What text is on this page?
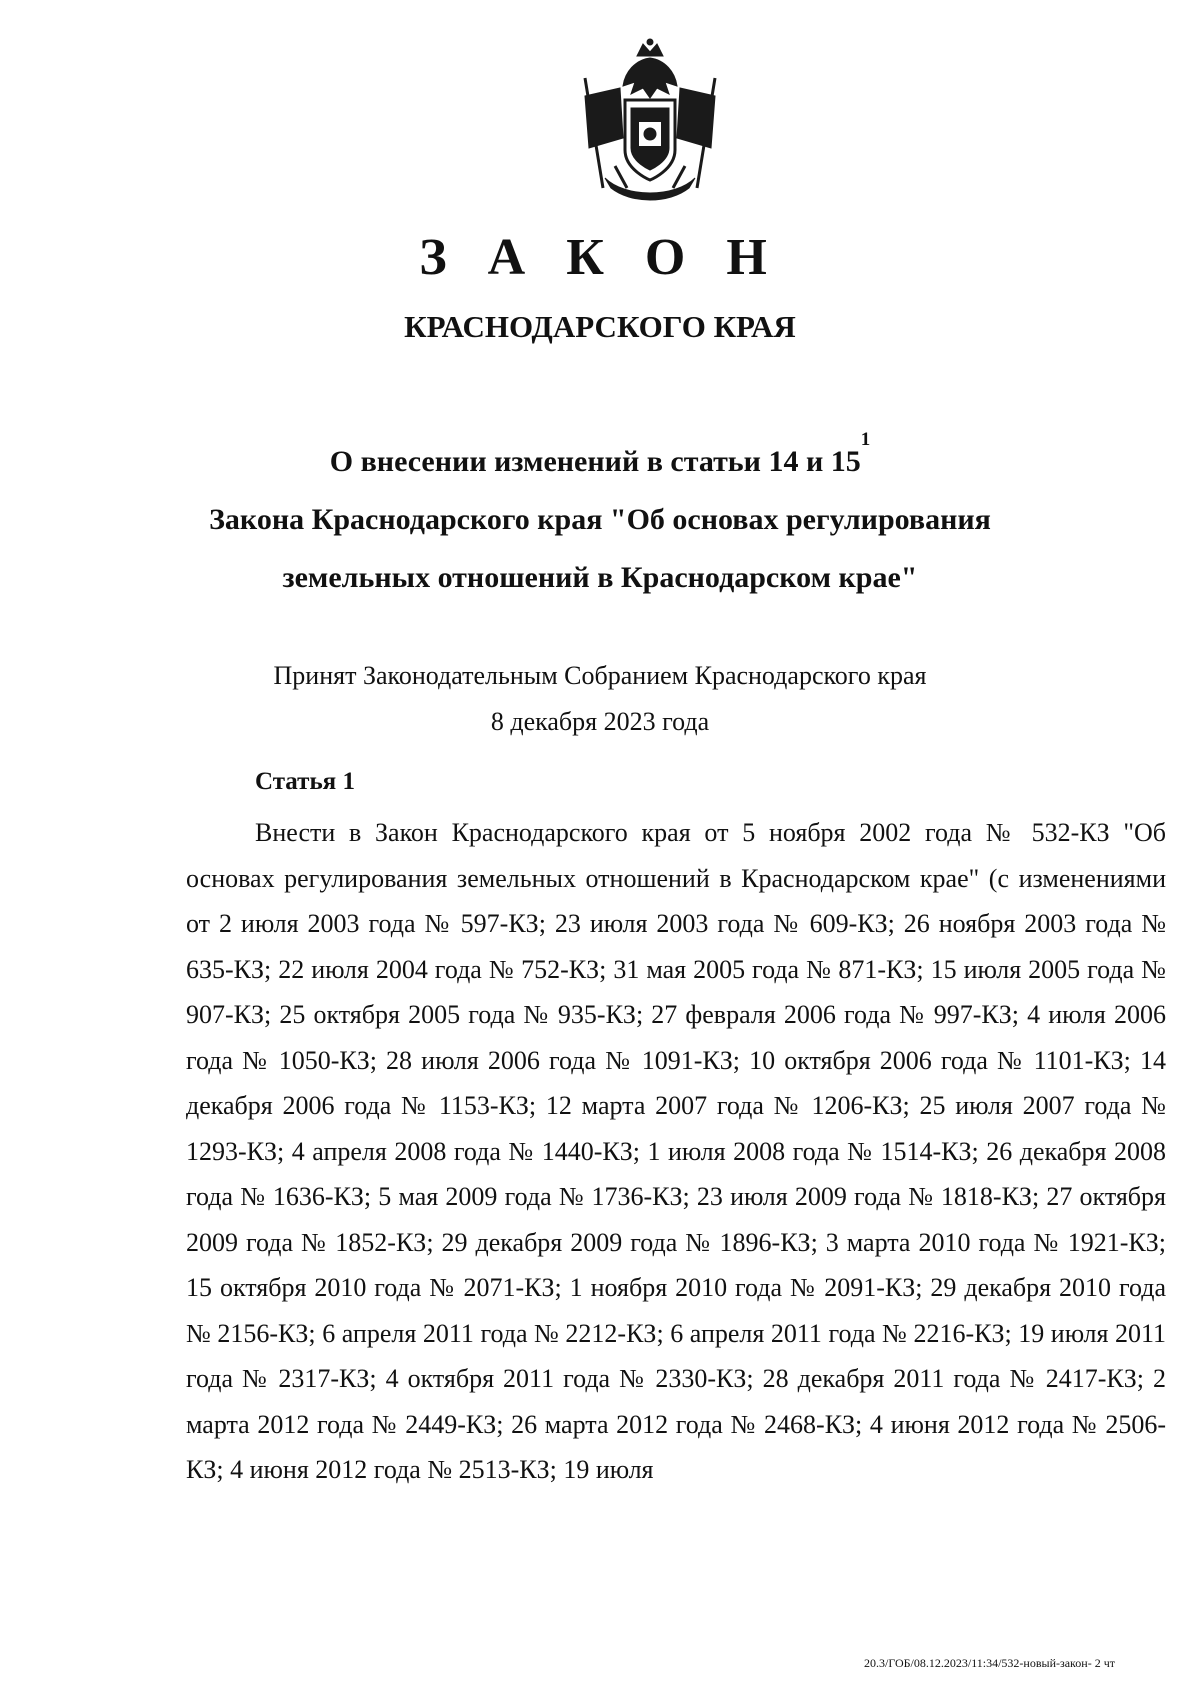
З А К О Н
КРАСНОДАРСКОГО КРАЯ
О внесении изменений в статьи 14 и $15^1$
Закона Краснодарского края "Об основах регулирования
земельных отношений в Краснодарском крае"
Принят Законодательным Собранием Краснодарского края
8 декабря 2023 года
Статья 1
Внести в Закон Краснодарского края от 5 ноября 2002 года № 532-КЗ "Об основах регулирования земельных отношений в Краснодарском крае" (с изменениями от 2 июля 2003 года № 597-КЗ; 23 июля 2003 года № 609-КЗ; 26 ноября 2003 года № 635-КЗ; 22 июля 2004 года № 752-КЗ; 31 мая 2005 года № 871-КЗ; 15 июля 2005 года № 907-КЗ; 25 октября 2005 года № 935-КЗ; 27 февраля 2006 года № 997-КЗ; 4 июля 2006 года № 1050-КЗ; 28 июля 2006 года № 1091-КЗ; 10 октября 2006 года № 1101-КЗ; 14 декабря 2006 года № 1153-КЗ; 12 марта 2007 года № 1206-КЗ; 25 июля 2007 года № 1293-КЗ; 4 апреля 2008 года № 1440-КЗ; 1 июля 2008 года № 1514-КЗ; 26 декабря 2008 года № 1636-КЗ; 5 мая 2009 года № 1736-КЗ; 23 июля 2009 года № 1818-КЗ; 27 октября 2009 года № 1852-КЗ; 29 декабря 2009 года № 1896-КЗ; 3 марта 2010 года № 1921-КЗ; 15 октября 2010 года № 2071-КЗ; 1 ноября 2010 года № 2091-КЗ; 29 декабря 2010 года № 2156-КЗ; 6 апреля 2011 года № 2212-КЗ; 6 апреля 2011 года № 2216-КЗ; 19 июля 2011 года № 2317-КЗ; 4 октября 2011 года № 2330-КЗ; 28 декабря 2011 года № 2417-КЗ; 2 марта 2012 года № 2449-КЗ; 26 марта 2012 года № 2468-КЗ; 4 июня 2012 года № 2506-КЗ; 4 июня 2012 года № 2513-КЗ; 19 июля
20.3/ГОБ/08.12.2023/11:34/532-новый-закон- 2 чт
